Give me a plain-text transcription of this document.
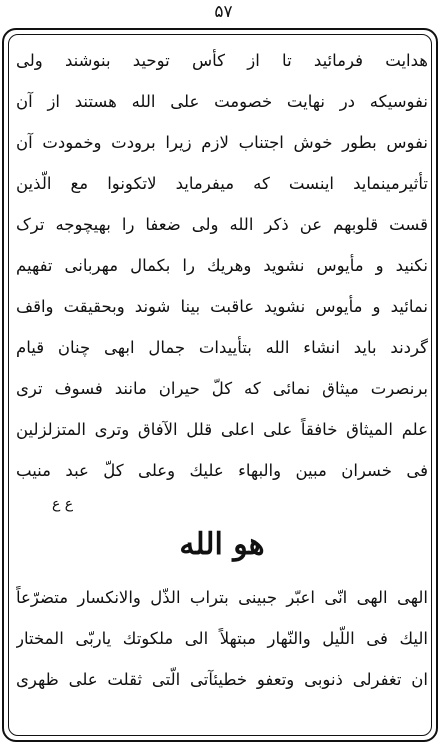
۵۷
هدایت فرمائید تا از کأس توحید بنوشند ولی
نفوسیکه در نهایت خصومت علی الله هستند از آن
نفوس بطور خوش اجتناب لازم زیرا برودت وخمودت آن
تأثیرمینماید اینست که میفرماید لاتکونوا مع الّذین
قست قلوبهم عن ذکر الله ولی ضعفا را بهیچوجه ترک
نکنید و مأیوس نشوید وهریك را بکمال مهربانی تفهیم
نمائید و مأیوس نشوید عاقبت بینا شوند وبحقیقت واقف
گردند باید انشاء الله بتأییدات جمال ابهی چنان قیام
برنصرت میثاق نمائی که کلّ حیران مانند فسوف تری
علم المیثاق خافقاً علی اعلی قلل الآفاق وتری المتزلزلین
فی خسران مبین والبهاء علیك وعلی کلّ عبد منیب
ع ع
هو الله
الهی الهی انّی اعبّر جبینی بتراب الذّل والانکسار متضرّعاً
الیك فی اللّیل والنّهار مبتهلاً الی ملکوتك یاربّی المختار
ان تغفرلی ذنوبی وتعفو خطیئآتی الّتی ثقلت علی ظهری
